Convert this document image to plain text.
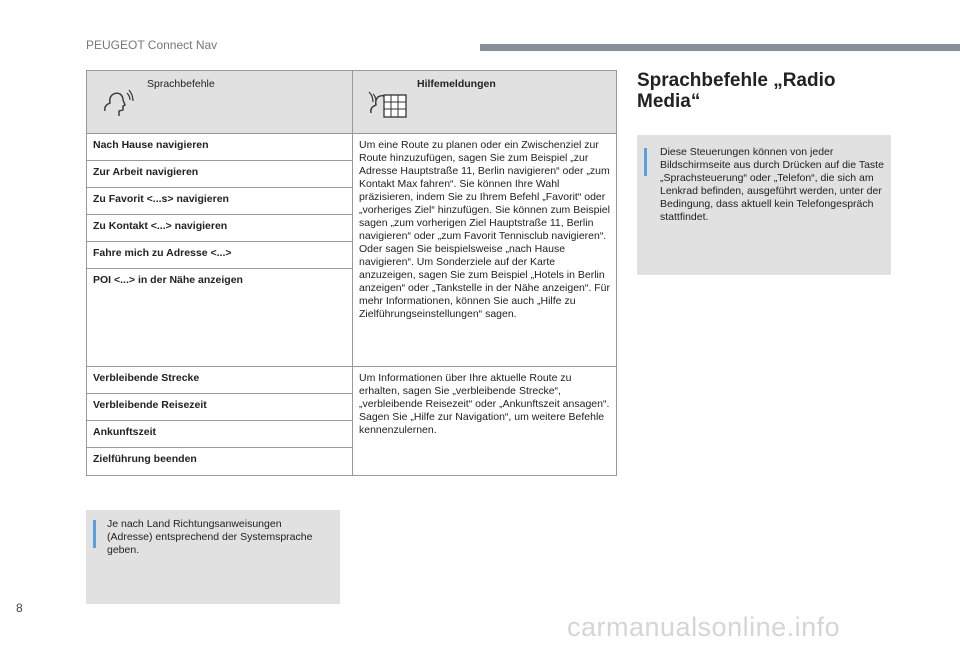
PEUGEOT Connect Nav
Sprachbefehle	Hilfemeldungen

Nach Hause navigieren	Um eine Route zu planen oder ein Zwischenziel zur Route hinzuzufügen, sagen Sie zum Beispiel „zur Adresse Hauptstraße 11, Berlin navigieren“ oder „zum Kontakt Max fahren“. Sie können Ihre Wahl präzisieren, indem Sie zu Ihrem Befehl „Favorit“ oder „vorheriges Ziel“ hinzufügen. Sie können zum Beispiel sagen „zum vorherigen Ziel Hauptstraße 11, Berlin navigieren“ oder „zum Favorit Tennisclub navigieren“. Oder sagen Sie beispielsweise „nach Hause navigieren“. Um Sonderziele auf der Karte anzuzeigen, sagen Sie zum Beispiel „Hotels in Berlin anzeigen“ oder „Tankstelle in der Nähe anzeigen“. Für mehr Informationen, können Sie auch „Hilfe zu Zielführungseinstellungen“ sagen.
Zur Arbeit navigieren	
Zu Favorit <...s> navigieren	
Zu Kontakt <...> navigieren	
Fahre mich zu Adresse <...>	
POI <...> in der Nähe anzeigen	
Verbleibende Strecke	Um Informationen über Ihre aktuelle Route zu erhalten, sagen Sie „verbleibende Strecke“, „verbleibende Reisezeit“ oder „Ankunftszeit ansagen“. Sagen Sie „Hilfe zur Navigation“, um weitere Befehle kennenzulernen.
Verbleibende Reisezeit	
Ankunftszeit	
Zielführung beenden	
Je nach Land Richtungsanweisungen (Adresse) entsprechend der Systemsprache geben.
Sprachbefehle „Radio Media“
Diese Steuerungen können von jeder Bildschirmseite aus durch Drücken auf die Taste „Sprachsteuerung“ oder „Telefon“, die sich am Lenkrad befinden, ausgeführt werden, unter der Bedingung, dass aktuell kein Telefongespräch stattfindet.
8
carmanualsonline.info
